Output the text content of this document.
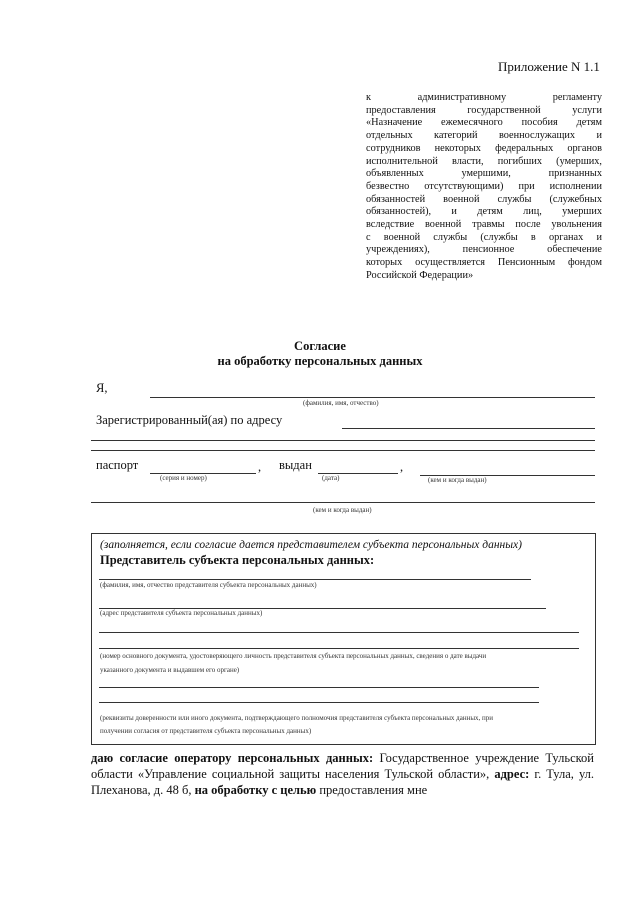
Приложение N 1.1
к административному регламенту
предоставления государственной услуги
«Назначение ежемесячного пособия детям
отдельных категорий военнослужащих и
сотрудников некоторых федеральных органов
исполнительной власти, погибших (умерших,
объявленных умершими, признанных
безвестно отсутствующими) при исполнении
обязанностей военной службы (служебных
обязанностей), и детям лиц, умерших
вследствие военной травмы после увольнения
с военной службы (службы в органах и
учреждениях), пенсионное обеспечение
которых осуществляется Пенсионным фондом
Российской Федерации»
Согласие
на обработку персональных данных
Я,
(фамилия, имя, отчество)
Зарегистрированный(ая) по адресу
паспорт
(серия и номер)
, выдан
(дата)
,
(кем и когда выдан)
(кем и когда выдан)
(заполняется, если согласие дается представителем субъекта персональных данных)
Представитель субъекта персональных данных:
(фамилия, имя, отчество представителя субъекта персональных данных)
(адрес представителя субъекта персональных данных)
(номер основного документа, удостоверяющего личность представителя субъекта персональных данных, сведения о дате выдачи
указанного документа и выдавшем его органе)
(реквизиты доверенности или иного документа, подтверждающего полномочия представителя субъекта персональных данных, при
получении согласия от представителя субъекта персональных данных)
даю согласие оператору персональных данных: Государственное учреждение Тульской
области «Управление социальной защиты населения Тульской области», адрес: г. Тула, ул.
Плеханова, д. 48 б, на обработку с целью предоставления мне
